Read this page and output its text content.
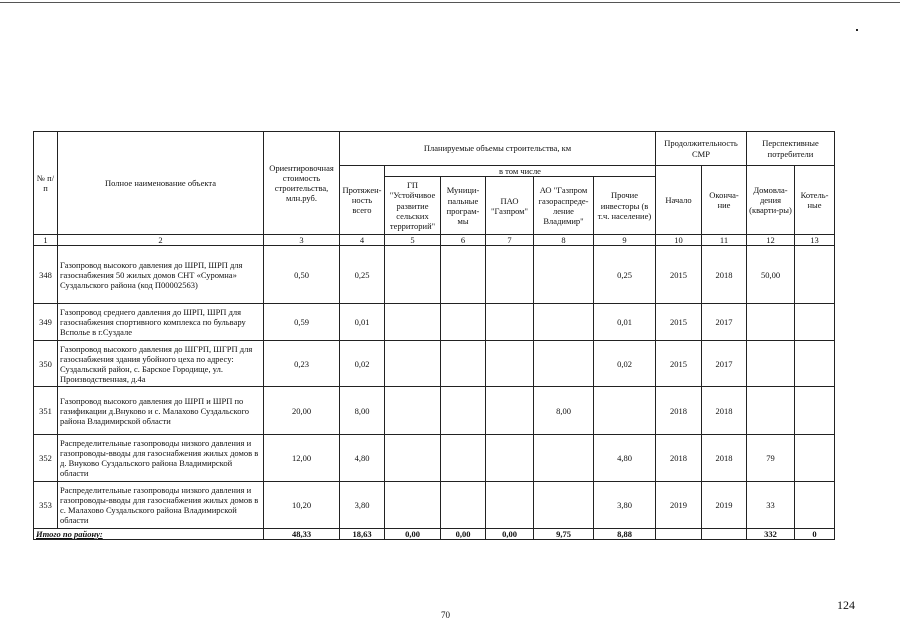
№ п/п	Полное наименование объекта	Ориентировочная стоимость строительства, млн.руб.	Планируемые объемы строительства, км						Продолжительность СМР		Перспективные потребители	
			Протяжен-ность всего	в том числе					Начало	Оконча-ние	Домовла-дения (кварти-ры)	Котель-ные
				ГП "Устойчивое развитие сельских территорий"	Муници-пальные програм-мы	ПАО "Газпром"	АО "Газпром газораспреде-ление Владимир"	Прочие инвесторы (в т.ч. население)				
1	2	3	4	5	6	7	8	9	10	11	12	13
348	Газопровод высокого давления до ШРП, ШРП для газоснабжения 50 жилых домов СНТ «Суромна» Суздальского района (код П00002563)	0,50	0,25					0,25	2015	2018	50,00	
349	Газопровод среднего давления до ШРП, ШРП для газоснабжения спортивного комплекса по бульвару Всполье в г.Суздале	0,59	0,01					0,01	2015	2017		
350	Газопровод высокого давления до ШГРП, ШГРП для газоснабжения здания убойного цеха по адресу: Суздальский район, с. Барское Городище, ул. Производственная, д.4а	0,23	0,02					0,02	2015	2017		
351	Газопровод высокого давления до ШРП и ШРП по газификации д.Внуково и с. Малахово Суздальского района Владимирской области	20,00	8,00				8,00		2018	2018		
352	Распределительные газопроводы низкого давления и газопроводы-вводы для газоснабжения жилых домов в д. Внуково Суздальского района Владимирской области	12,00	4,80					4,80	2018	2018	79	
353	Распределительные газопроводы низкого давления и газопроводы-вводы для газоснабжения жилых домов в с. Малахово Суздальского района Владимирской области	10,20	3,80					3,80	2019	2019	33	
Итого по району:		48,33	18,63	0,00	0,00	0,00	9,75	8,88			332	0
70
124
